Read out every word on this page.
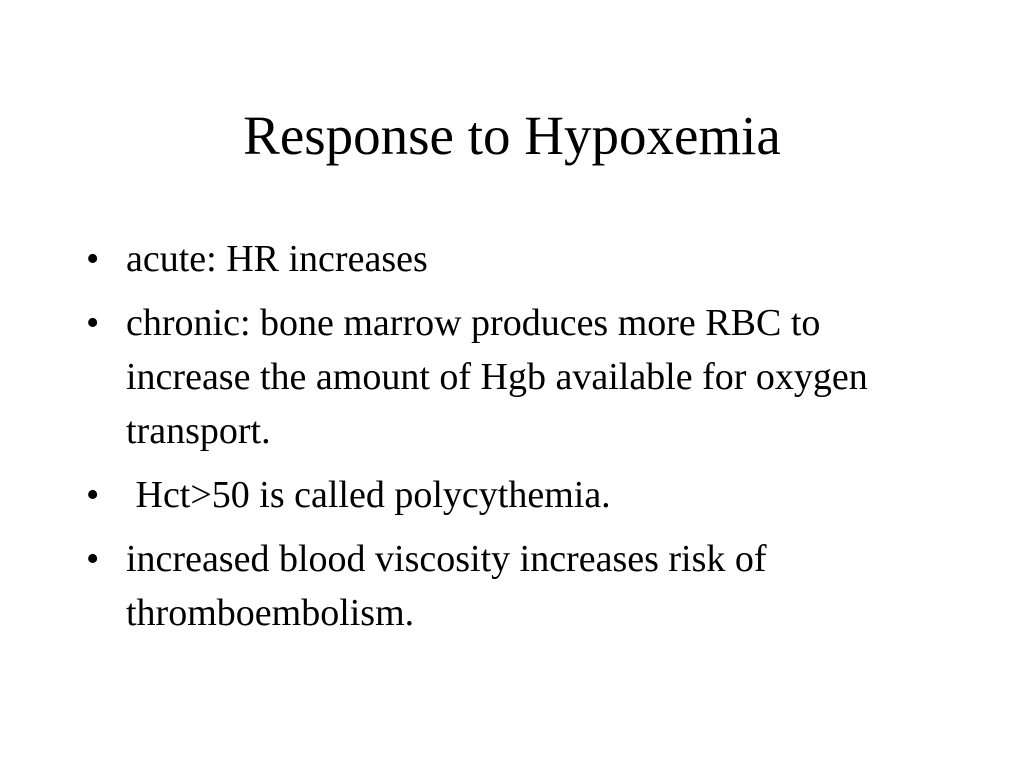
Response to Hypoxemia
• acute: HR increases
• chronic: bone marrow produces more RBC to increase the amount of Hgb available for oxygen transport.
• Hct>50 is called polycythemia.
• increased blood viscosity increases risk of thromboembolism.
